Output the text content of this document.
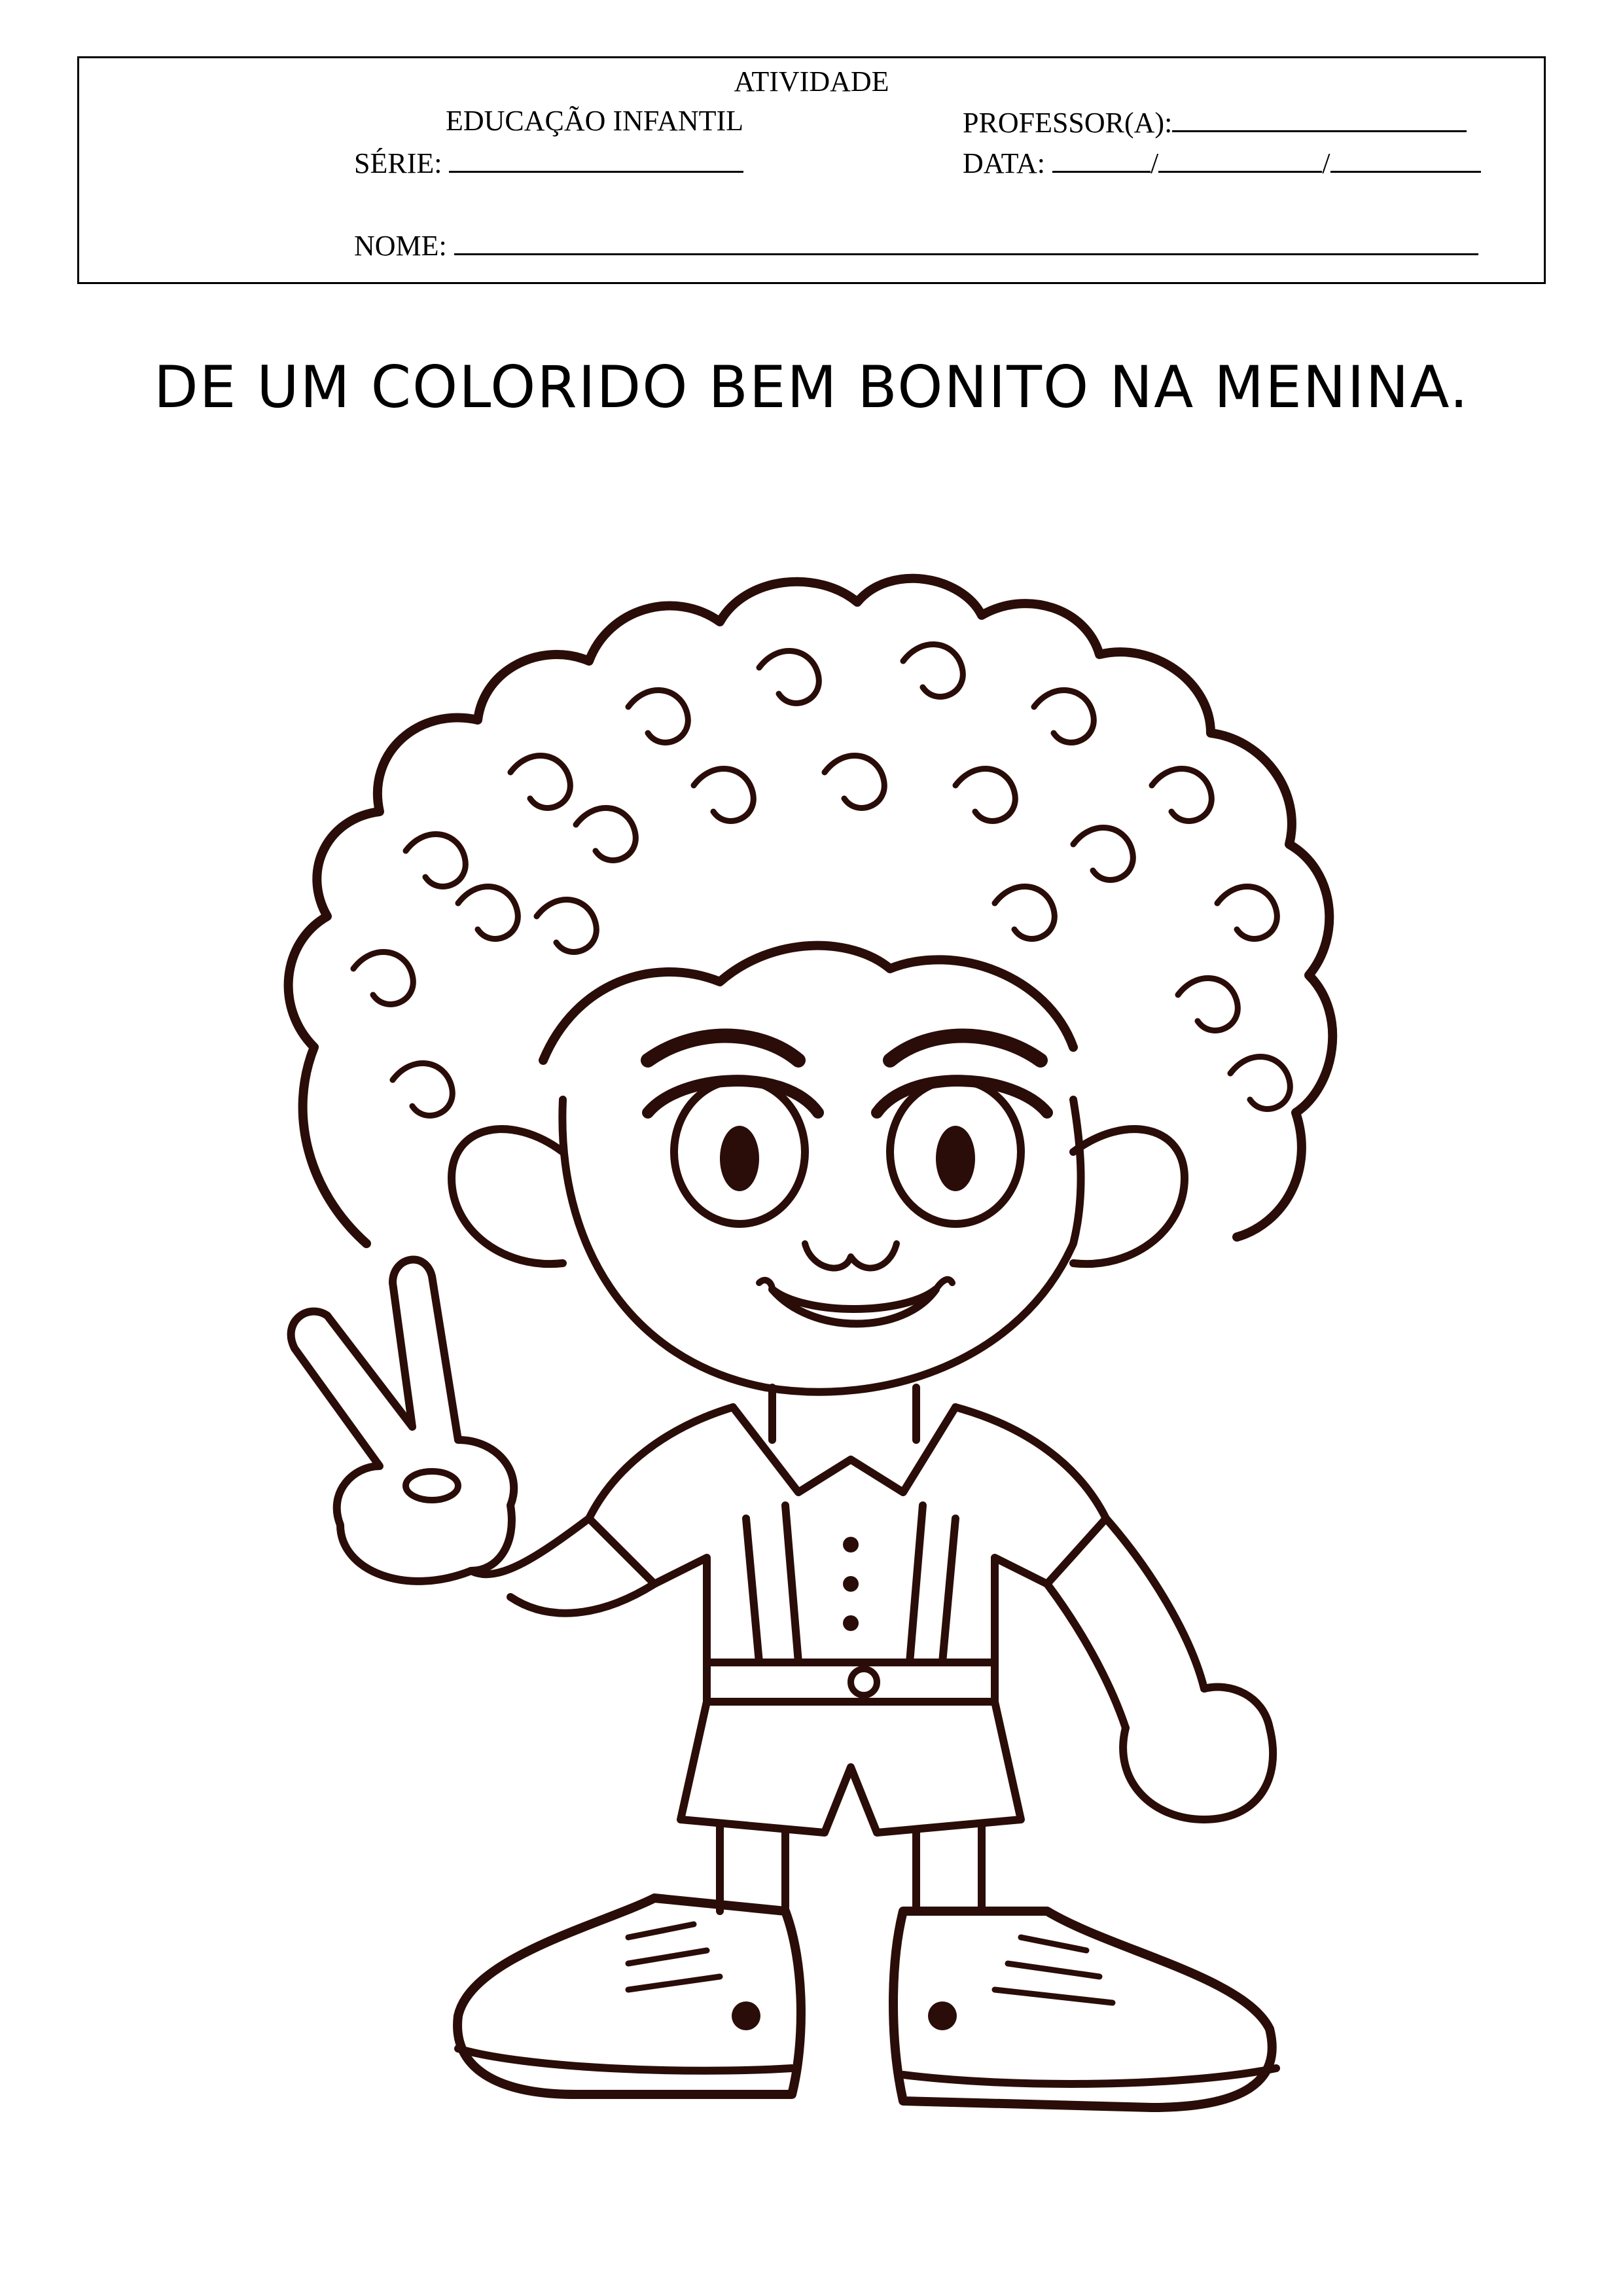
ATIVIDADE
EDUCAÇÃO INFANTIL	PROFESSOR(A):
SÉRIE:	DATA:	/	/
NOME:
DE UM COLORIDO BEM BONITO NA MENINA.
